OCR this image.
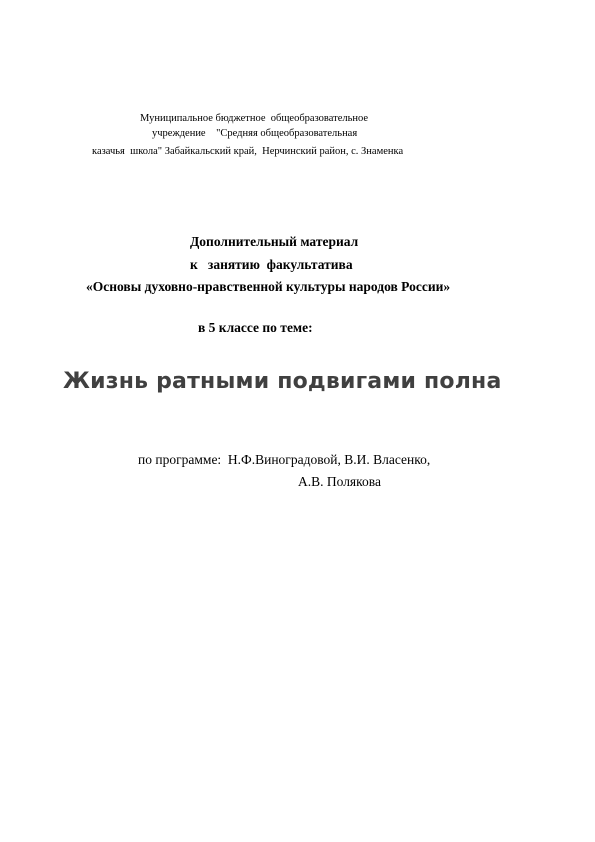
Муниципальное бюджетное  общеобразовательное
учреждение    "Средняя общеобразовательная
казачья  школа" Забайкальский край,  Нерчинский район, с. Знаменка
Дополнительный материал
к   занятию  факультатива
«Основы духовно-нравственной культуры народов России»
в 5 классе по теме:
Жизнь ратными подвигами полна
по программе:  Н.Ф.Виноградовой, В.И. Власенко,
А.В. Полякова
